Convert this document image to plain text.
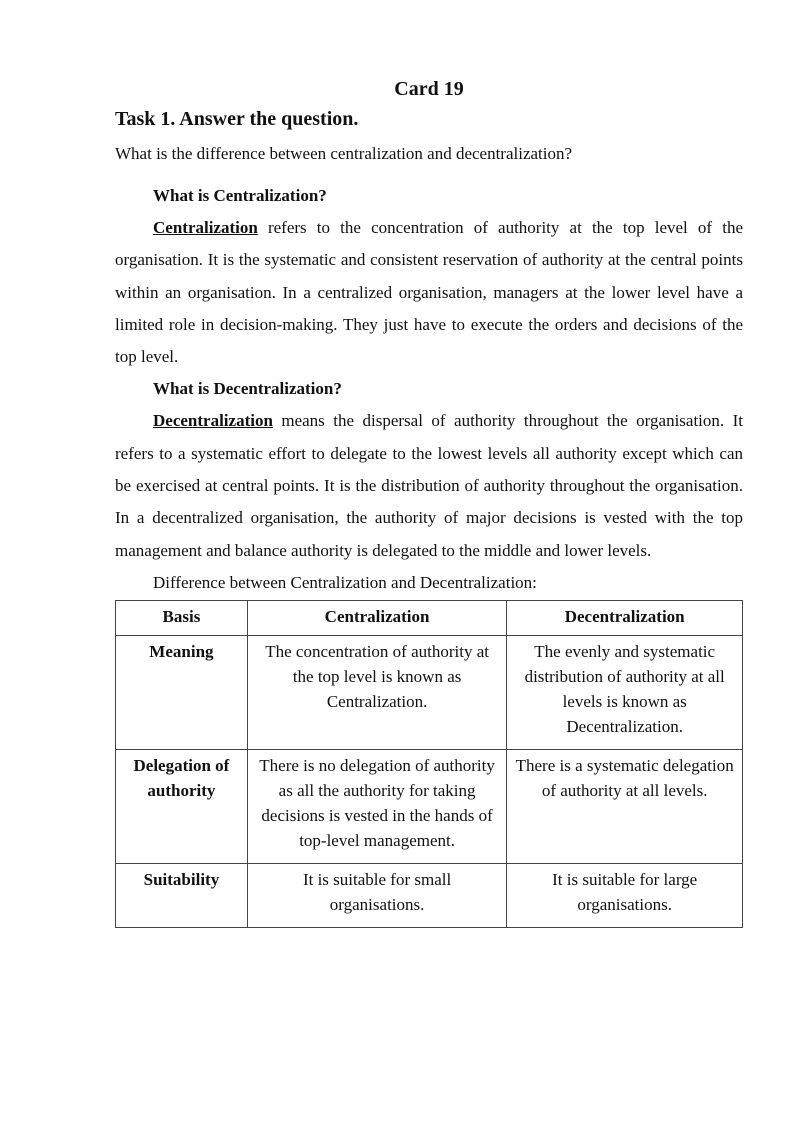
Card 19

Task 1. Answer the question.

What is the difference between centralization and decentralization?

What is Centralization?

Centralization refers to the concentration of authority at the top level of the organisation. It is the systematic and consistent reservation of authority at the central points within an organisation. In a centralized organisation, managers at the lower level have a limited role in decision-making. They just have to execute the orders and decisions of the top level.

What is Decentralization?

Decentralization means the dispersal of authority throughout the organisation. It refers to a systematic effort to delegate to the lowest levels all authority except which can be exercised at central points. It is the distribution of authority throughout the organisation. In a decentralized organisation, the authority of major decisions is vested with the top management and balance authority is delegated to the middle and lower levels.

Difference between Centralization and Decentralization:

Basis	Centralization	Decentralization
Meaning	The concentration of authority at the top level is known as Centralization.	The evenly and systematic distribution of authority at all levels is known as Decentralization.
Delegation of authority	There is no delegation of authority as all the authority for taking decisions is vested in the hands of top-level management.	There is a systematic delegation of authority at all levels.
Suitability	It is suitable for small organisations.	It is suitable for large organisations.
